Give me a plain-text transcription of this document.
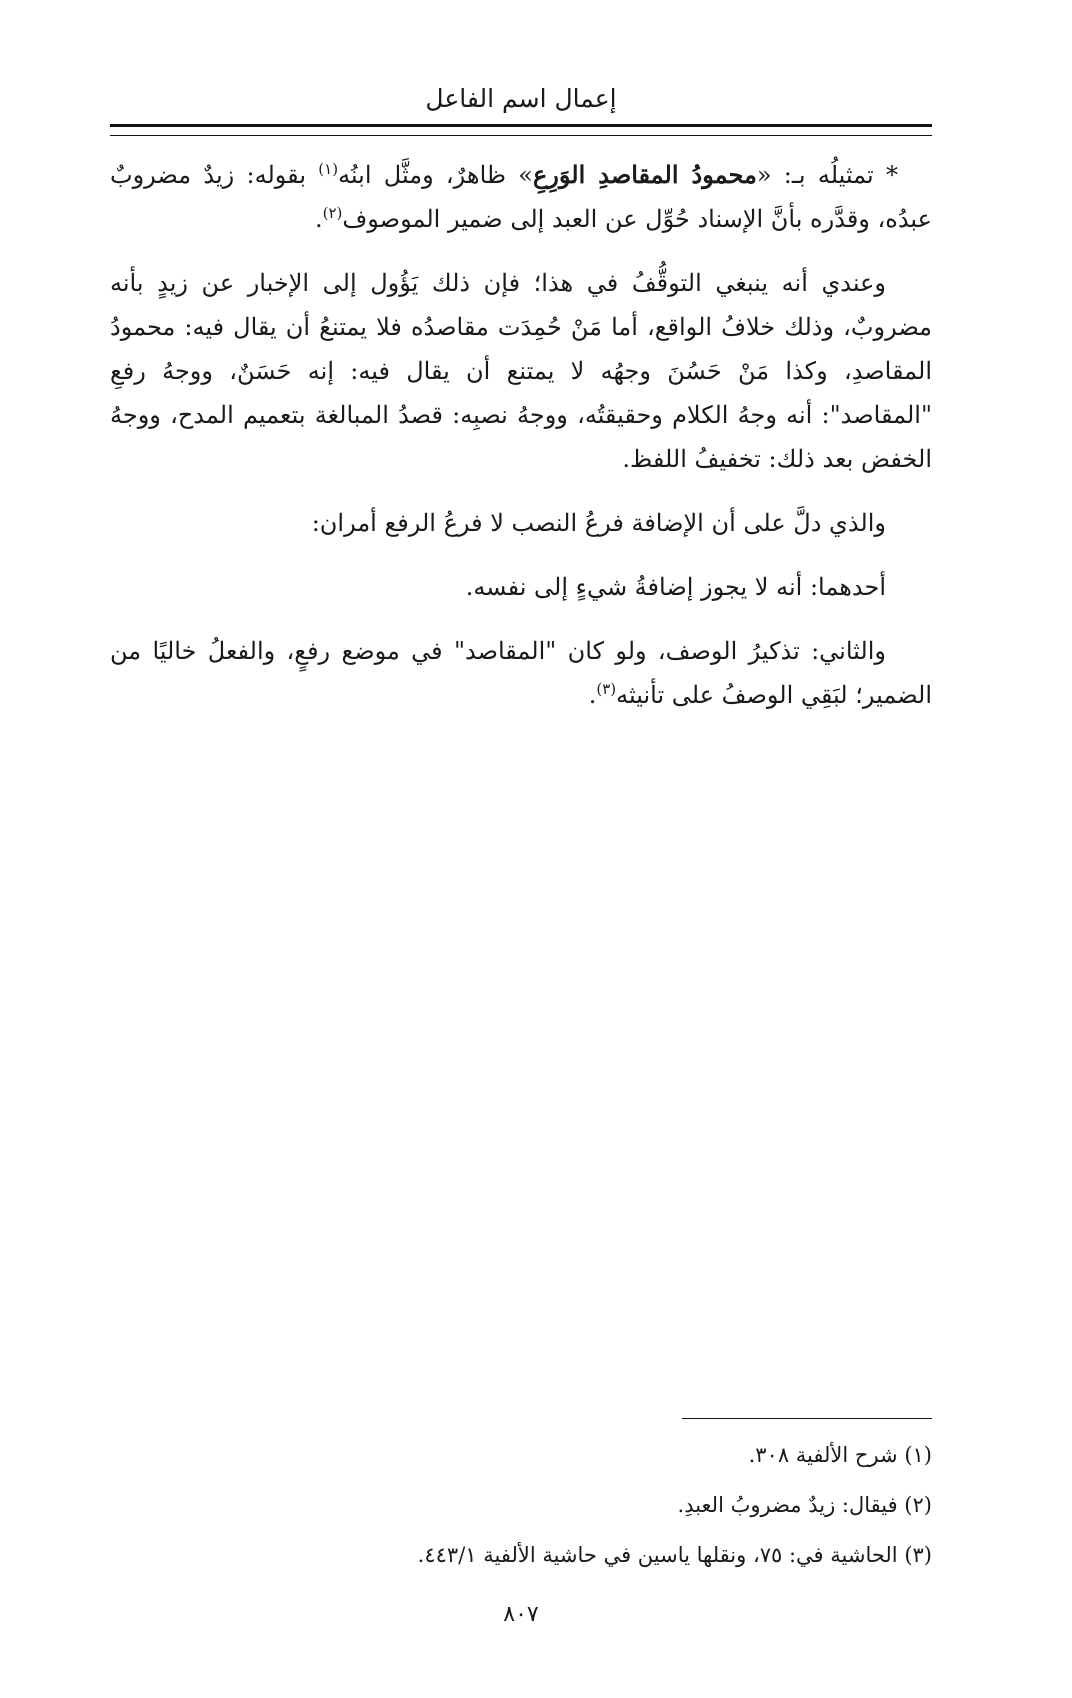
إعمال اسم الفاعل

* تمثيلُه بـ: «محمودُ المقاصدِ الوَرِعِ» ظاهرٌ، ومثَّل ابنُه$^{(١)}$ بقوله: زيدٌ مضروبٌ عبدُه، وقدَّره بأنَّ الإسناد حُوِّل عن العبد إلى ضمير الموصوف$^{(٢)}$.

وعندي أنه ينبغي التوقُّفُ في هذا؛ فإن ذلك يَؤُول إلى الإخبار عن زيدٍ بأنه مضروبٌ، وذلك خلافُ الواقع، أما مَنْ حُمِدَت مقاصدُه فلا يمتنعُ أن يقال فيه: محمودُ المقاصدِ، وكذا مَنْ حَسُنَ وجهُه لا يمتنع أن يقال فيه: إنه حَسَنٌ، ووجهُ رفعِ "المقاصد": أنه وجهُ الكلام وحقيقتُه، ووجهُ نصبِه: قصدُ المبالغة بتعميم المدح، ووجهُ الخفض بعد ذلك: تخفيفُ اللفظ.

والذي دلَّ على أن الإضافة فرعُ النصب لا فرعُ الرفع أمران:

أحدهما: أنه لا يجوز إضافةُ شيءٍ إلى نفسه.

والثاني: تذكيرُ الوصف، ولو كان "المقاصد" في موضع رفعٍ، والفعلُ خاليًا من الضمير؛ لبَقِي الوصفُ على تأنيثه$^{(٣)}$.

(١) شرح الألفية ٣٠٨.

(٢) فيقال: زيدٌ مضروبُ العبدِ.

(٣) الحاشية في: ٧٥، ونقلها ياسين في حاشية الألفية ٤٤٣/١.

٨٠٧
